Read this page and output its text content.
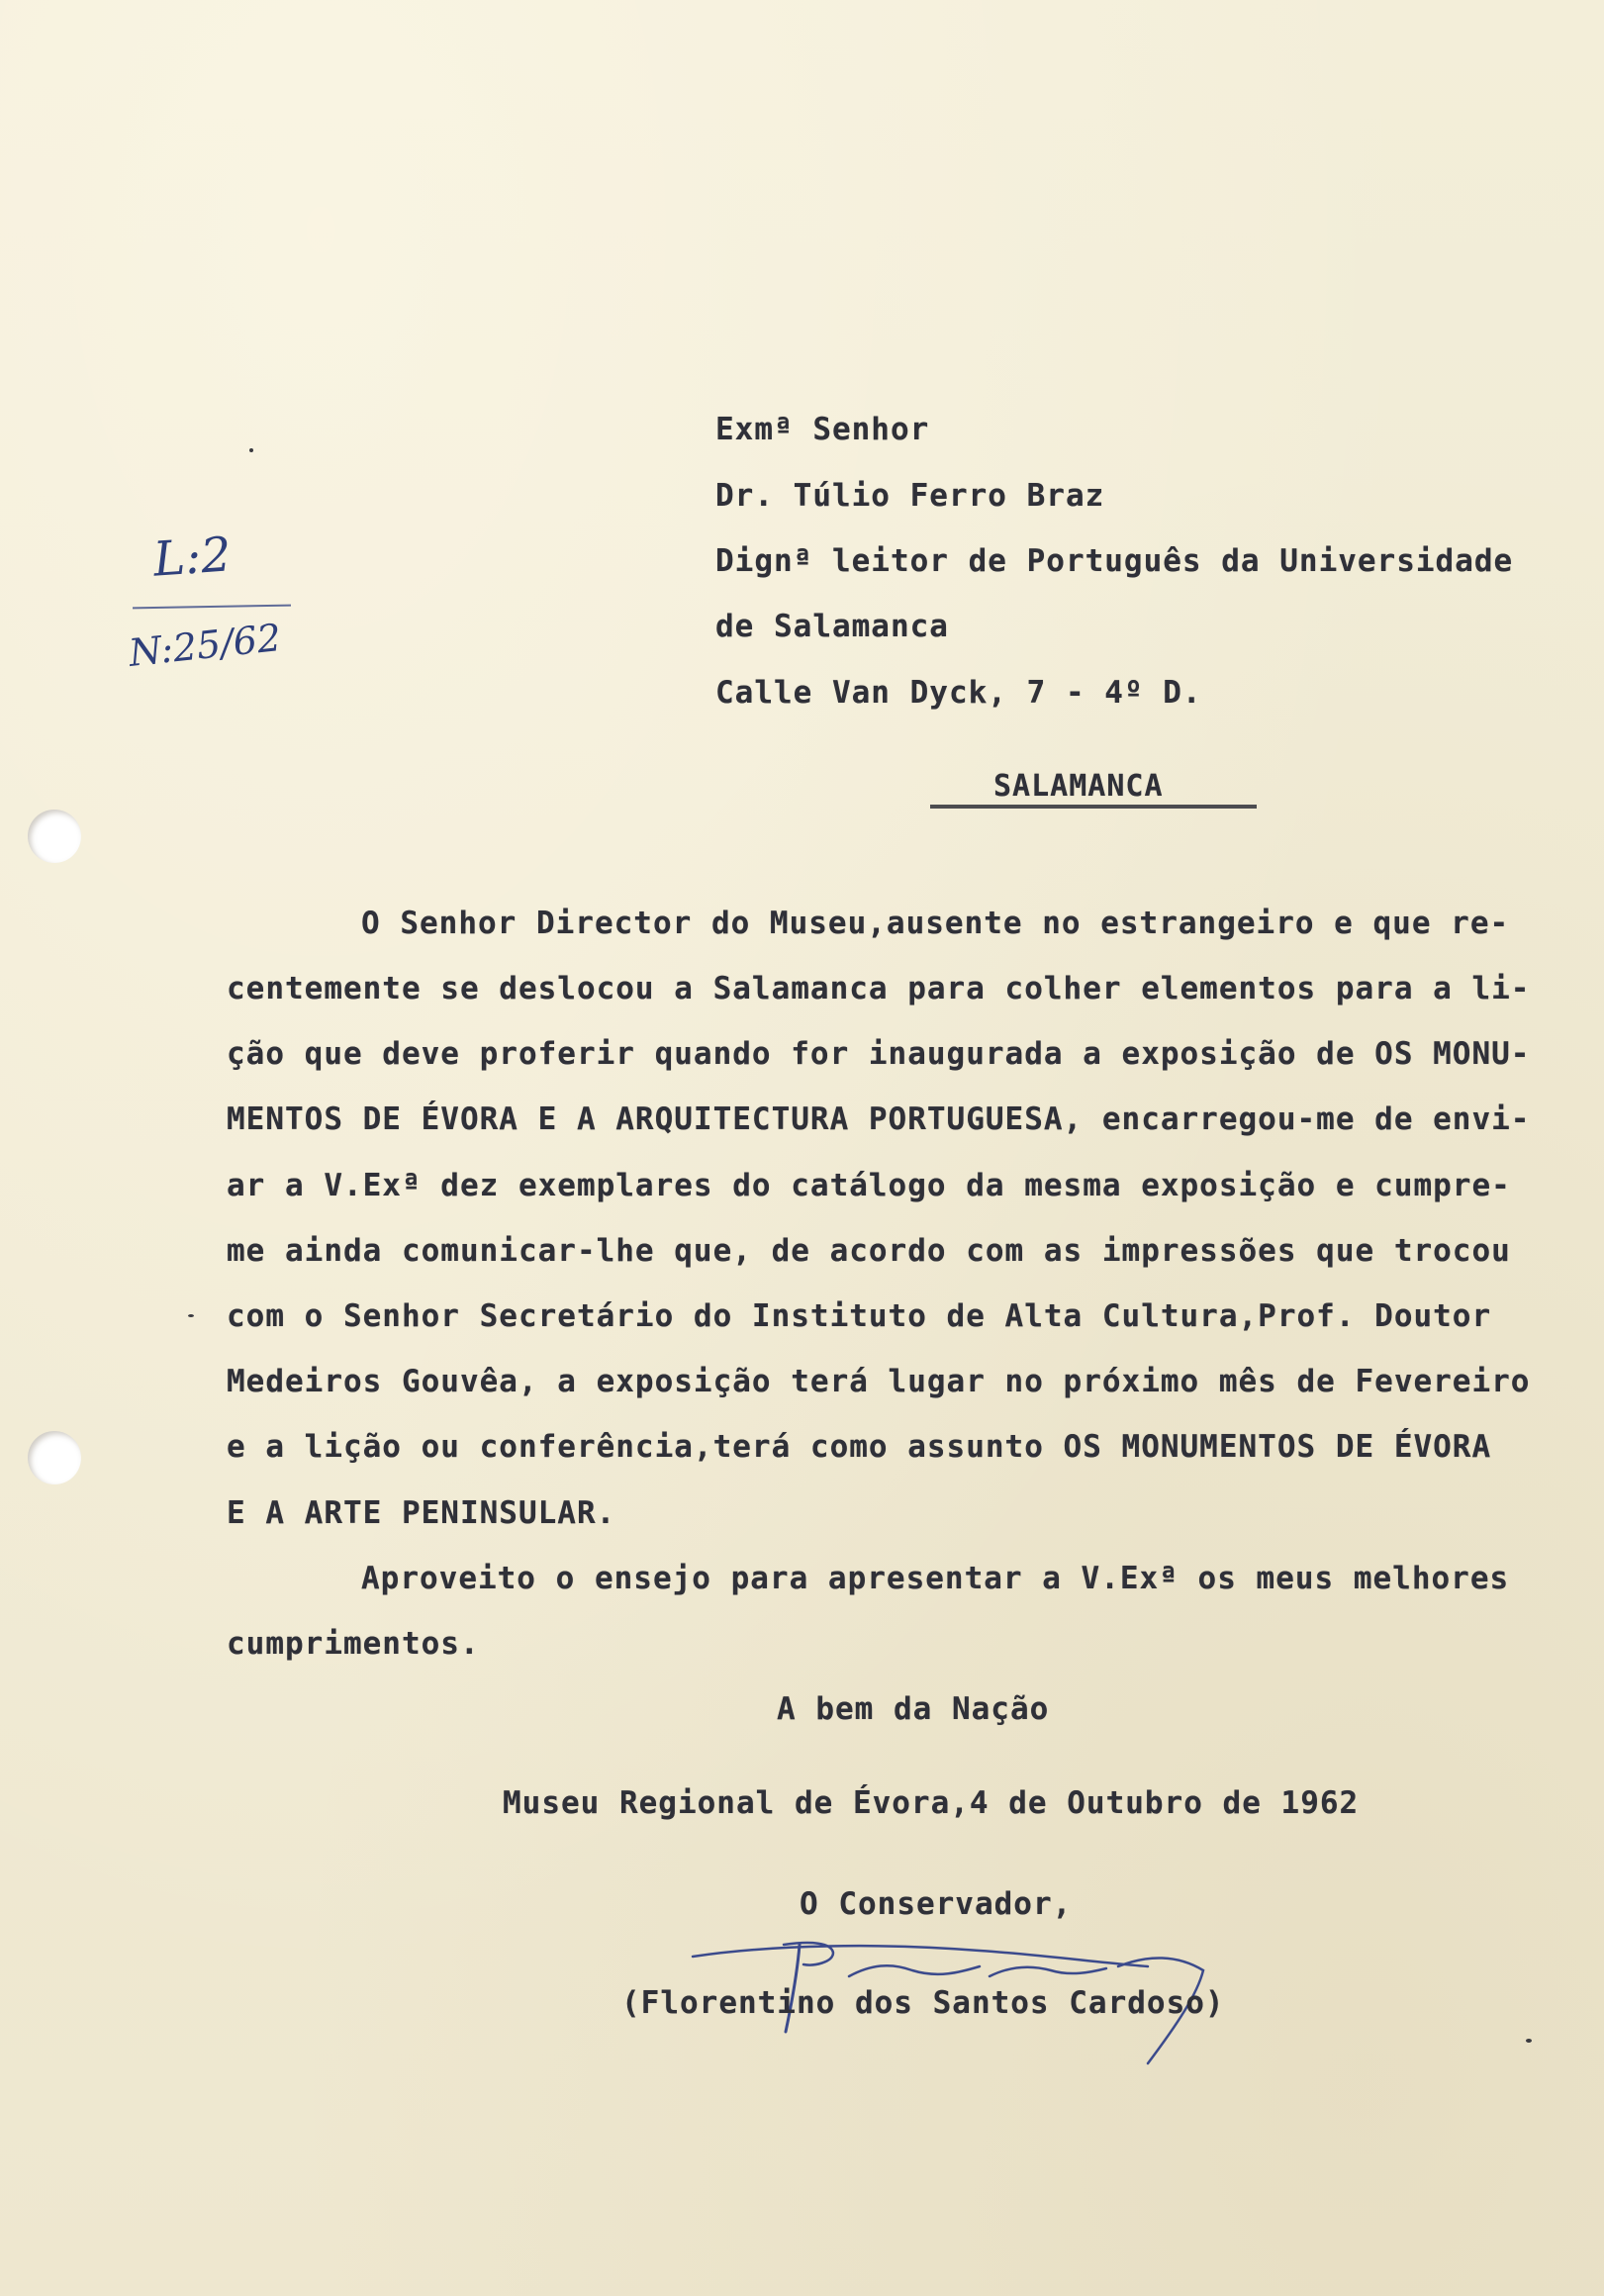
L:2
N:25/62
Exmª Senhor
Dr. Túlio Ferro Braz
Dignª leitor de Português da Universidade
de Salamanca
Calle Van Dyck, 7 - 4º D.
SALAMANCA
O Senhor Director do Museu,ausente no estrangeiro e que re-
centemente se deslocou a Salamanca para colher elementos para a li-
ção que deve proferir quando for inaugurada a exposição de OS MONU-
MENTOS DE ÉVORA E A ARQUITECTURA PORTUGUESA, encarregou-me de envi-
ar a V.Exª dez exemplares do catálogo da mesma exposição e cumpre-
me ainda comunicar-lhe que, de acordo com as impressões que trocou
com o Senhor Secretário do Instituto de Alta Cultura,Prof. Doutor
Medeiros Gouvêa, a exposição terá lugar no próximo mês de Fevereiro
e a lição ou conferência,terá como assunto OS MONUMENTOS DE ÉVORA
E A ARTE PENINSULAR.
Aproveito o ensejo para apresentar a V.Exª os meus melhores
cumprimentos.
A bem da Nação
Museu Regional de Évora,4 de Outubro de 1962
O Conservador,
(Florentino dos Santos Cardoso)
